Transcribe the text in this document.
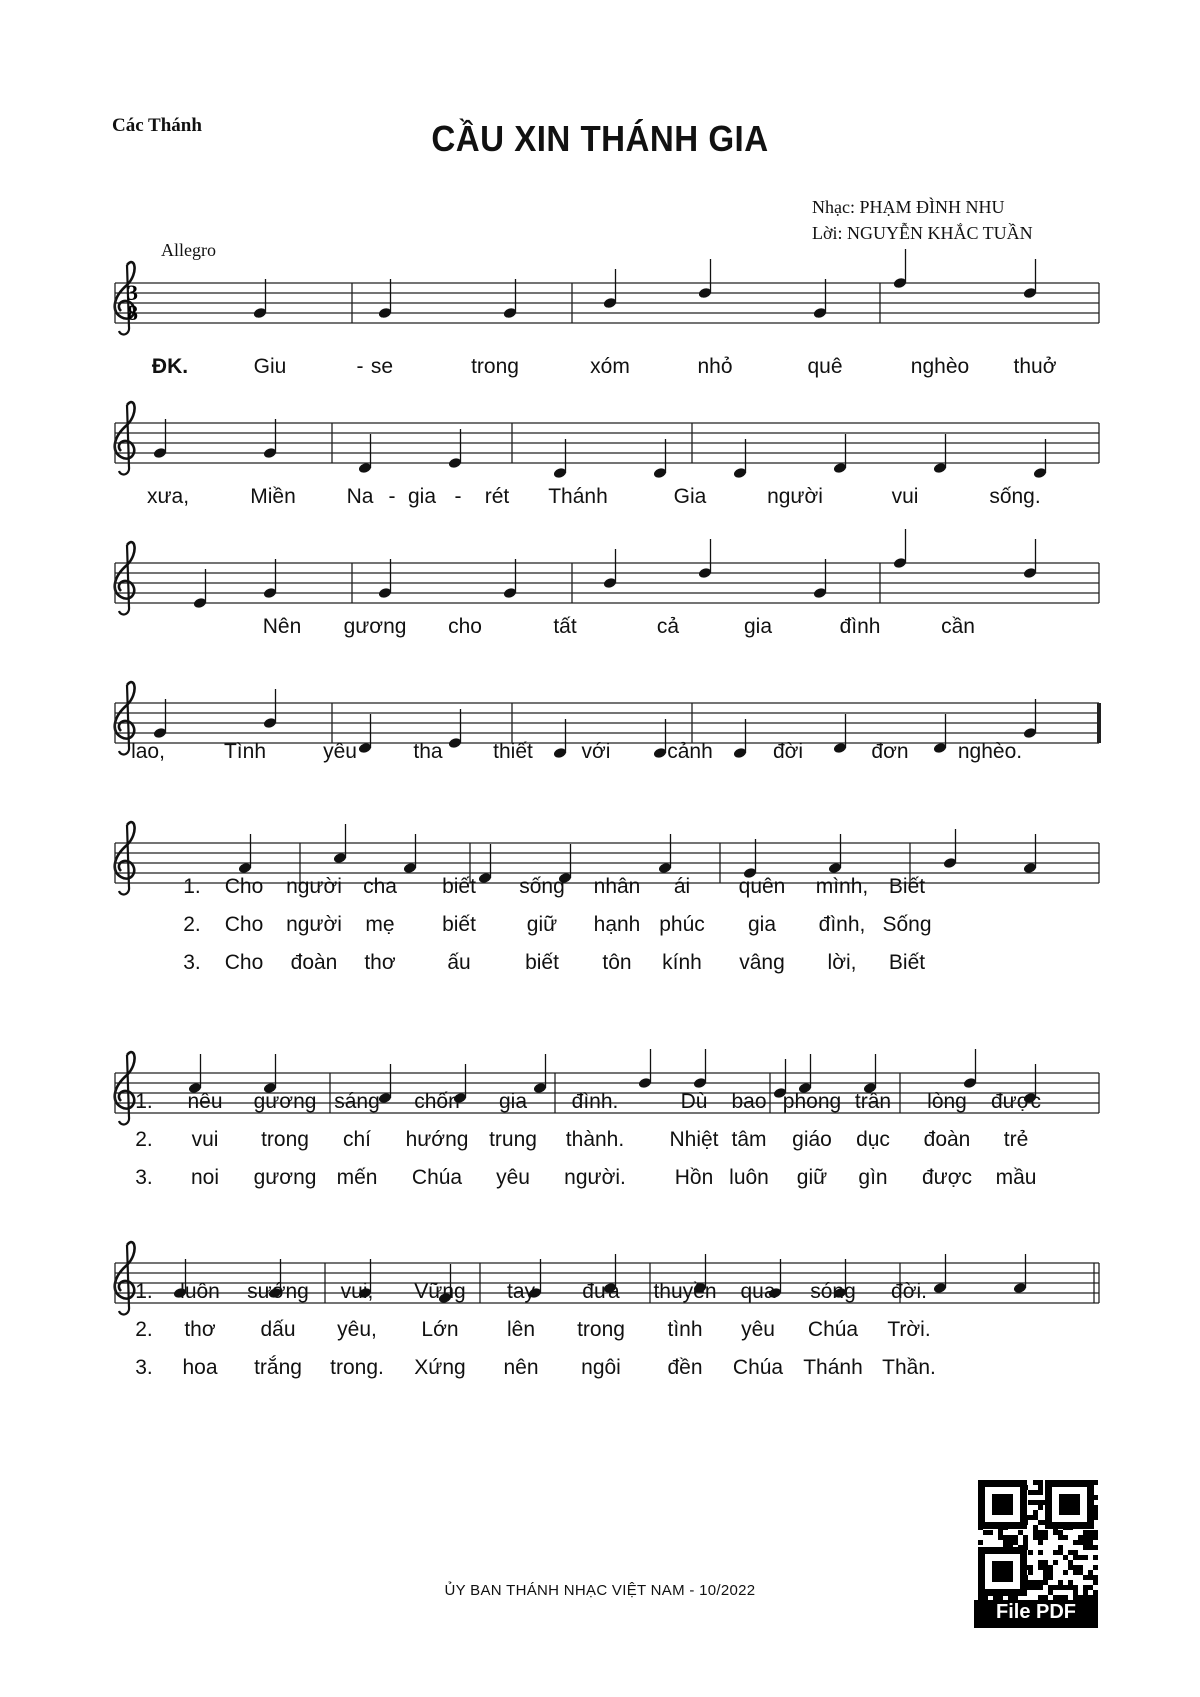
Các Thánh	CẦU XIN THÁNH GIA
Nhạc: PHẠM ĐÌNH NHU
Lời: NGUYỄN KHẮC TUẦN
Allegro
3
8
ĐK.	Giu	- se	trong	xóm	nhỏ	quê	nghèo thuở
xưa,	Miền Na - gia - rét Thánh	Gia	người	vui	sống.
Nên gương cho	tất	cả	gia	đình	cần
lao,	Tình	yêu	tha thiết với	cảnh	đời	đơn nghèo.
1. Cho người cha biết sống nhân ái quên mình, Biết
2. Cho người mẹ biết giữ hạnh phúc gia đình, Sống
3. Cho đoàn thơ ấu	biết tôn kính vâng lời, Biết
1. nêu gương sáng chốn gia đình.	Dù bao phong trần lòng được
2. vui trong chí hướng trung thành. Nhiệt tâm giáo dục đoàn trẻ
3. noi gương mến Chúa yêu người. Hồn luôn giữ gìn được mầu
1. luôn sướng vui, Vững tay đưa thuyền qua sóng đời.
2. thơ dấu yêu, Lớn lên trong tình yêu Chúa Trời.
3. hoa trắng trong. Xứng nên ngôi đền Chúa Thánh Thần.
ỦY BAN THÁNH NHẠC VIỆT NAM - 10/2022
File PDF
